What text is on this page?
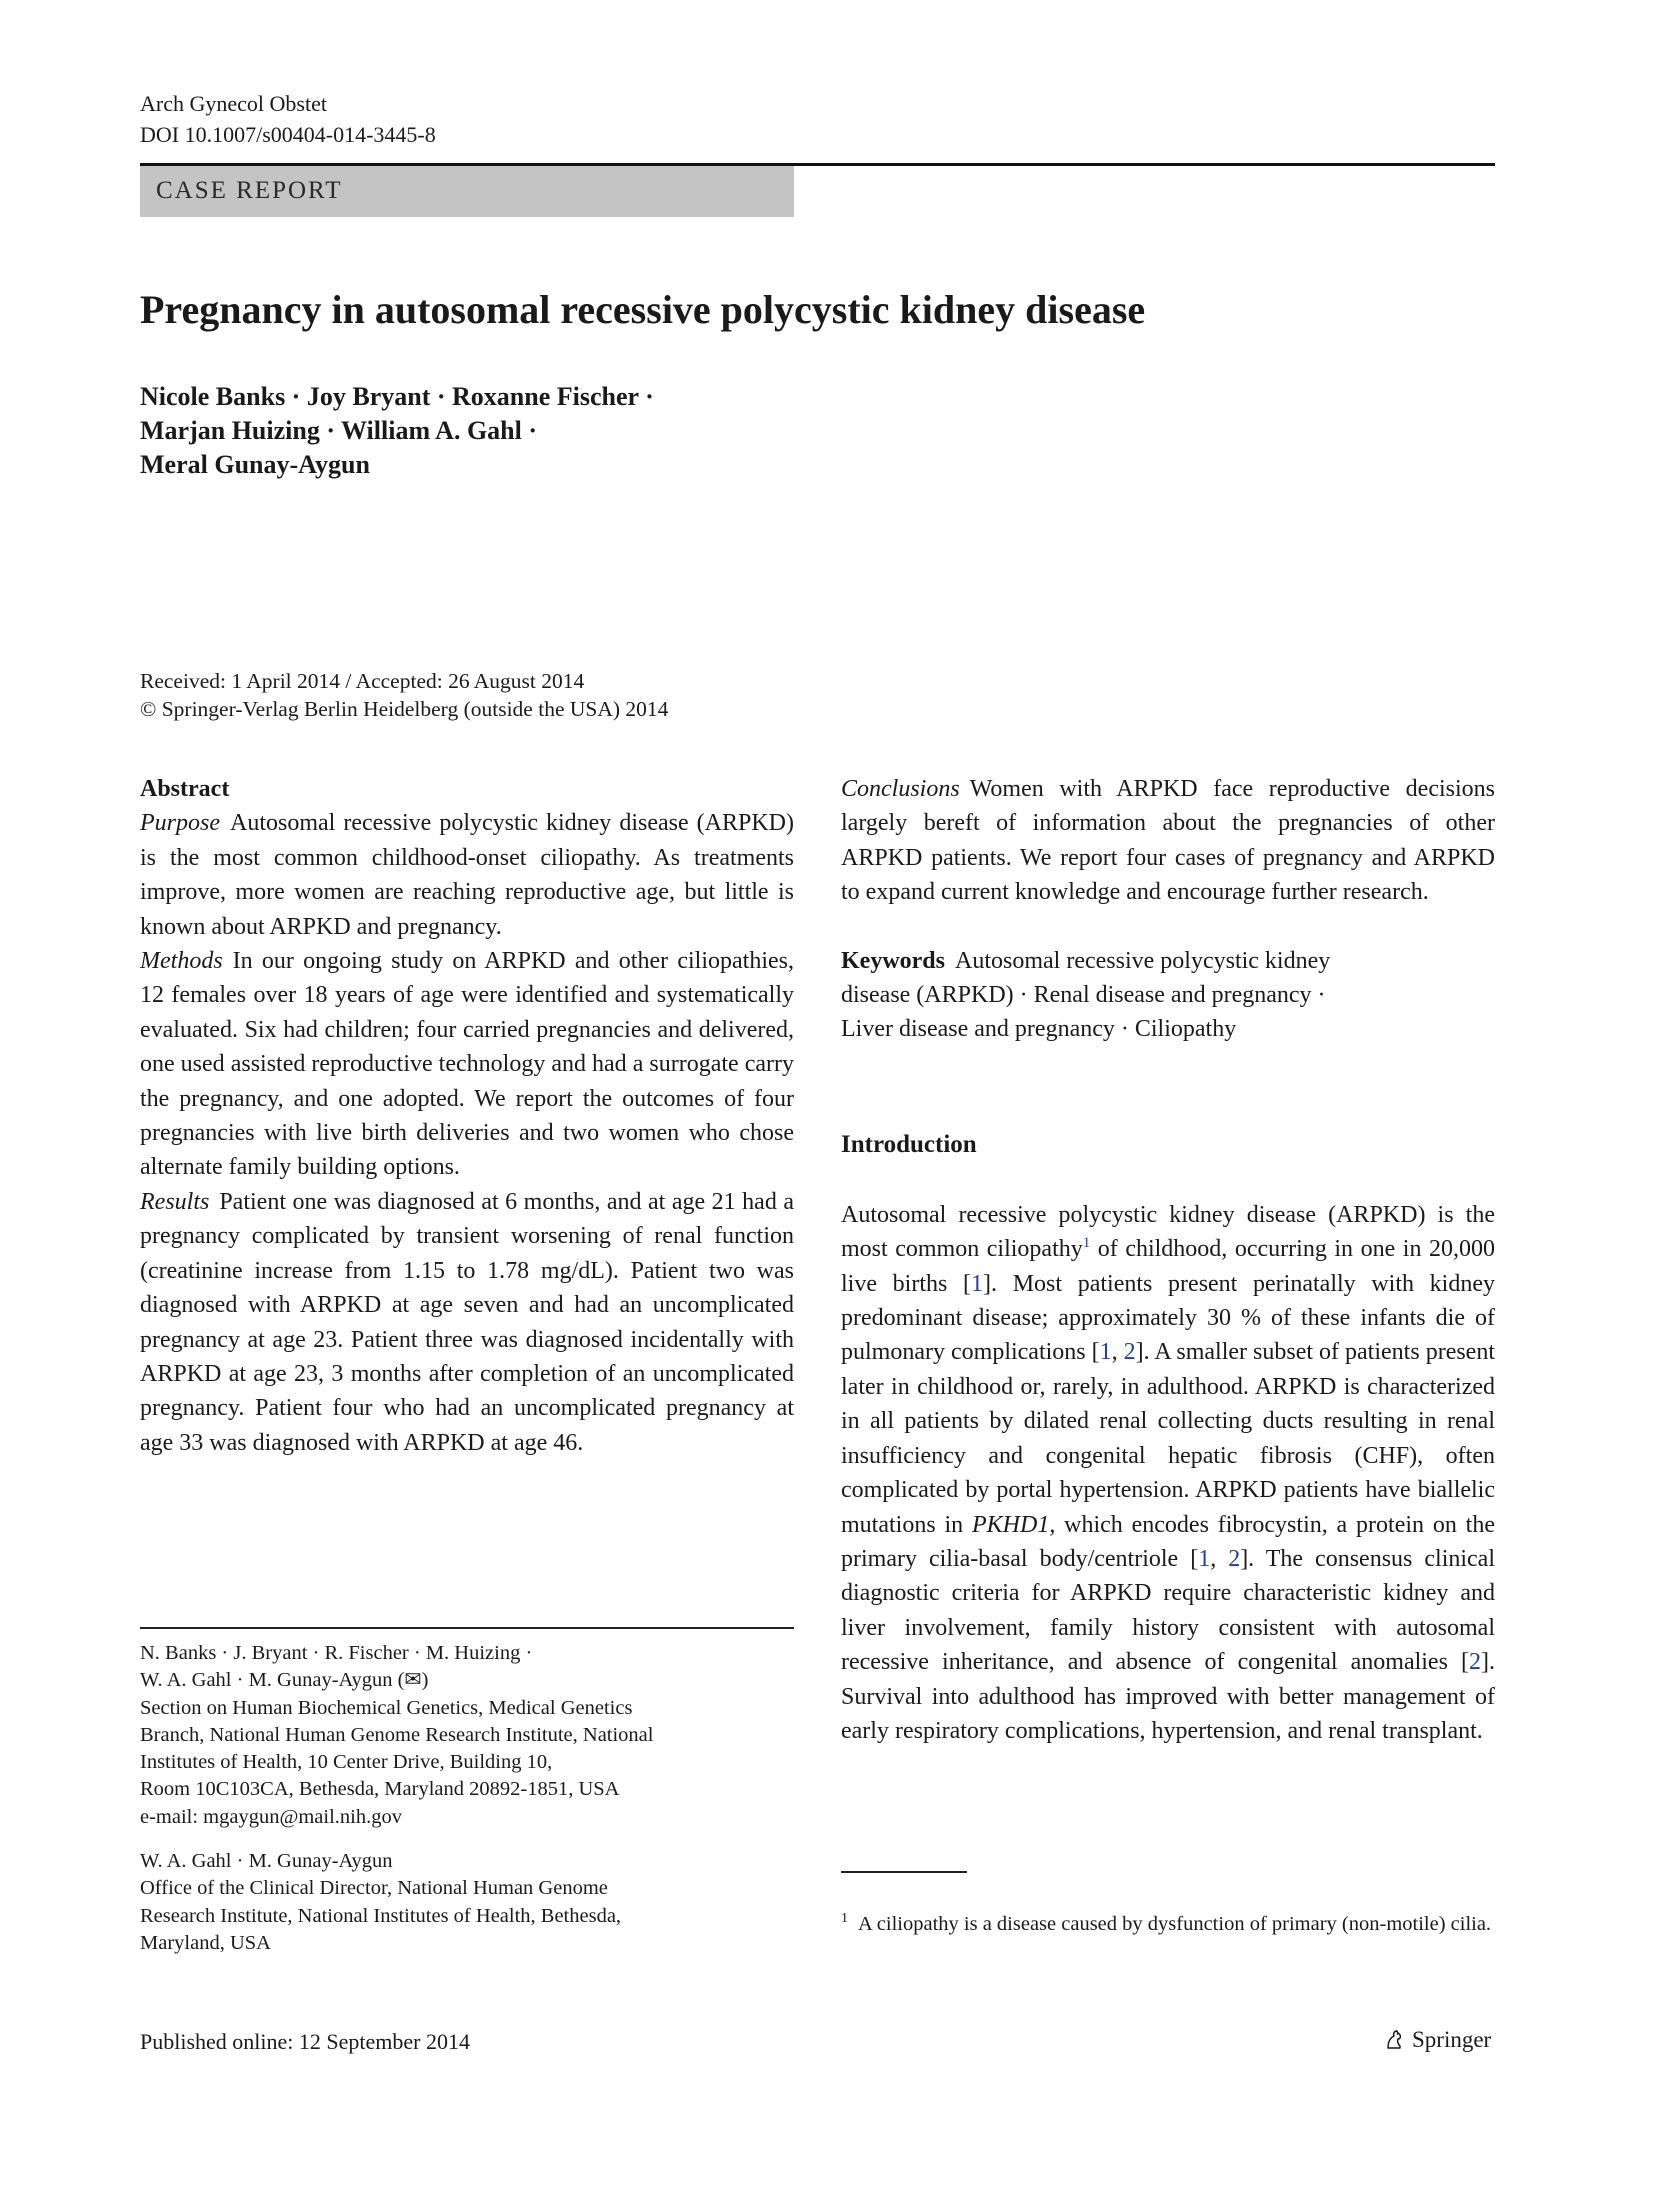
Arch Gynecol Obstet
DOI 10.1007/s00404-014-3445-8
CASE REPORT
Pregnancy in autosomal recessive polycystic kidney disease
Nicole Banks · Joy Bryant · Roxanne Fischer ·
Marjan Huizing · William A. Gahl ·
Meral Gunay-Aygun
Received: 1 April 2014 / Accepted: 26 August 2014
© Springer-Verlag Berlin Heidelberg (outside the USA) 2014

Abstract

Purpose Autosomal recessive polycystic kidney disease (ARPKD) is the most common childhood-onset ciliopathy. As treatments improve, more women are reaching reproductive age, but little is known about ARPKD and pregnancy.

Methods In our ongoing study on ARPKD and other ciliopathies, 12 females over 18 years of age were identified and systematically evaluated. Six had children; four carried pregnancies and delivered, one used assisted reproductive technology and had a surrogate carry the pregnancy, and one adopted. We report the outcomes of four pregnancies with live birth deliveries and two women who chose alternate family building options.

Results Patient one was diagnosed at 6 months, and at age 21 had a pregnancy complicated by transient worsening of renal function (creatinine increase from 1.15 to 1.78 mg/dL). Patient two was diagnosed with ARPKD at age seven and had an uncomplicated pregnancy at age 23. Patient three was diagnosed incidentally with ARPKD at age 23, 3 months after completion of an uncomplicated pregnancy. Patient four who had an uncomplicated pregnancy at age 33 was diagnosed with ARPKD at age 46.

Conclusions Women with ARPKD face reproductive decisions largely bereft of information about the pregnancies of other ARPKD patients. We report four cases of pregnancy and ARPKD to expand current knowledge and encourage further research.

Keywords Autosomal recessive polycystic kidney
disease (ARPKD) · Renal disease and pregnancy ·
Liver disease and pregnancy · Ciliopathy

Introduction

Autosomal recessive polycystic kidney disease (ARPKD) is the most common ciliopathy$^1$ of childhood, occurring in one in 20,000 live births [1]. Most patients present perinatally with kidney predominant disease; approximately 30 % of these infants die of pulmonary complications [1, 2]. A smaller subset of patients present later in childhood or, rarely, in adulthood. ARPKD is characterized in all patients by dilated renal collecting ducts resulting in renal insufficiency and congenital hepatic fibrosis (CHF), often complicated by portal hypertension. ARPKD patients have biallelic mutations in PKHD1, which encodes fibrocystin, a protein on the primary cilia-basal body/centriole [1, 2]. The consensus clinical diagnostic criteria for ARPKD require characteristic kidney and liver involvement, family history consistent with autosomal recessive inheritance, and absence of congenital anomalies [2]. Survival into adulthood has improved with better management of early respiratory complications, hypertension, and renal transplant.

N. Banks · J. Bryant · R. Fischer · M. Huizing ·

W. A. Gahl · M. Gunay-Aygun (✉)

Section on Human Biochemical Genetics, Medical Genetics

Branch, National Human Genome Research Institute, National

Institutes of Health, 10 Center Drive, Building 10,

Room 10C103CA, Bethesda, Maryland 20892-1851, USA

e-mail: mgaygun@mail.nih.gov

W. A. Gahl · M. Gunay-Aygun

Office of the Clinical Director, National Human Genome

Research Institute, National Institutes of Health, Bethesda,

Maryland, USA

$^1$ A ciliopathy is a disease caused by dysfunction of primary (non-motile) cilia.
Published online: 12 September 2014	Springer
